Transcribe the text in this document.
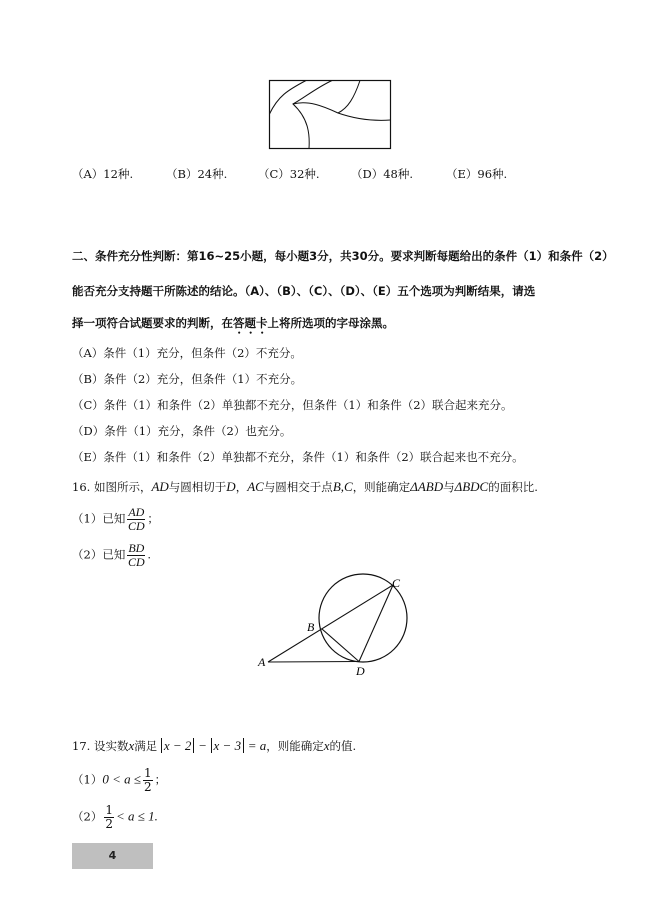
（A）12种.	（B）24种.	（C）32种.	（D）48种.	（E）96种.
二、条件充分性判断：第16~25小题，每小题3分，共30分。要求判断每题给出的条件（1）和条件（2）
能否充分支持题干所陈述的结论。（A）、（B）、（C）、（D）、（E）五个选项为判断结果，请选
择一项符合试题要求的判断，在答题卡上将所选项的字母涂黑。
（A）条件（1）充分，但条件（2）不充分。
（B）条件（2）充分，但条件（1）不充分。
（C）条件（1）和条件（2）单独都不充分，但条件（1）和条件（2）联合起来充分。
（D）条件（1）充分，条件（2）也充分。
（E）条件（1）和条件（2）单独都不充分，条件（1）和条件（2）联合起来也不充分。
16. 如图所示，AD与圆相切于D，AC与圆相交于点B,C，则能确定ΔABD与ΔBDC的面积比.
（1）已知 $\frac{AD}{CD}$ ；
（2）已知 $\frac{BD}{CD}$ .
A
B
C
D
17. 设实数x满足 x − 2 − x − 3 = a，则能确定x的值.
$(1)0 < a \le \frac{1}{2}$ ；
$(2) \frac{1}{2} < a \le 1$.
4
